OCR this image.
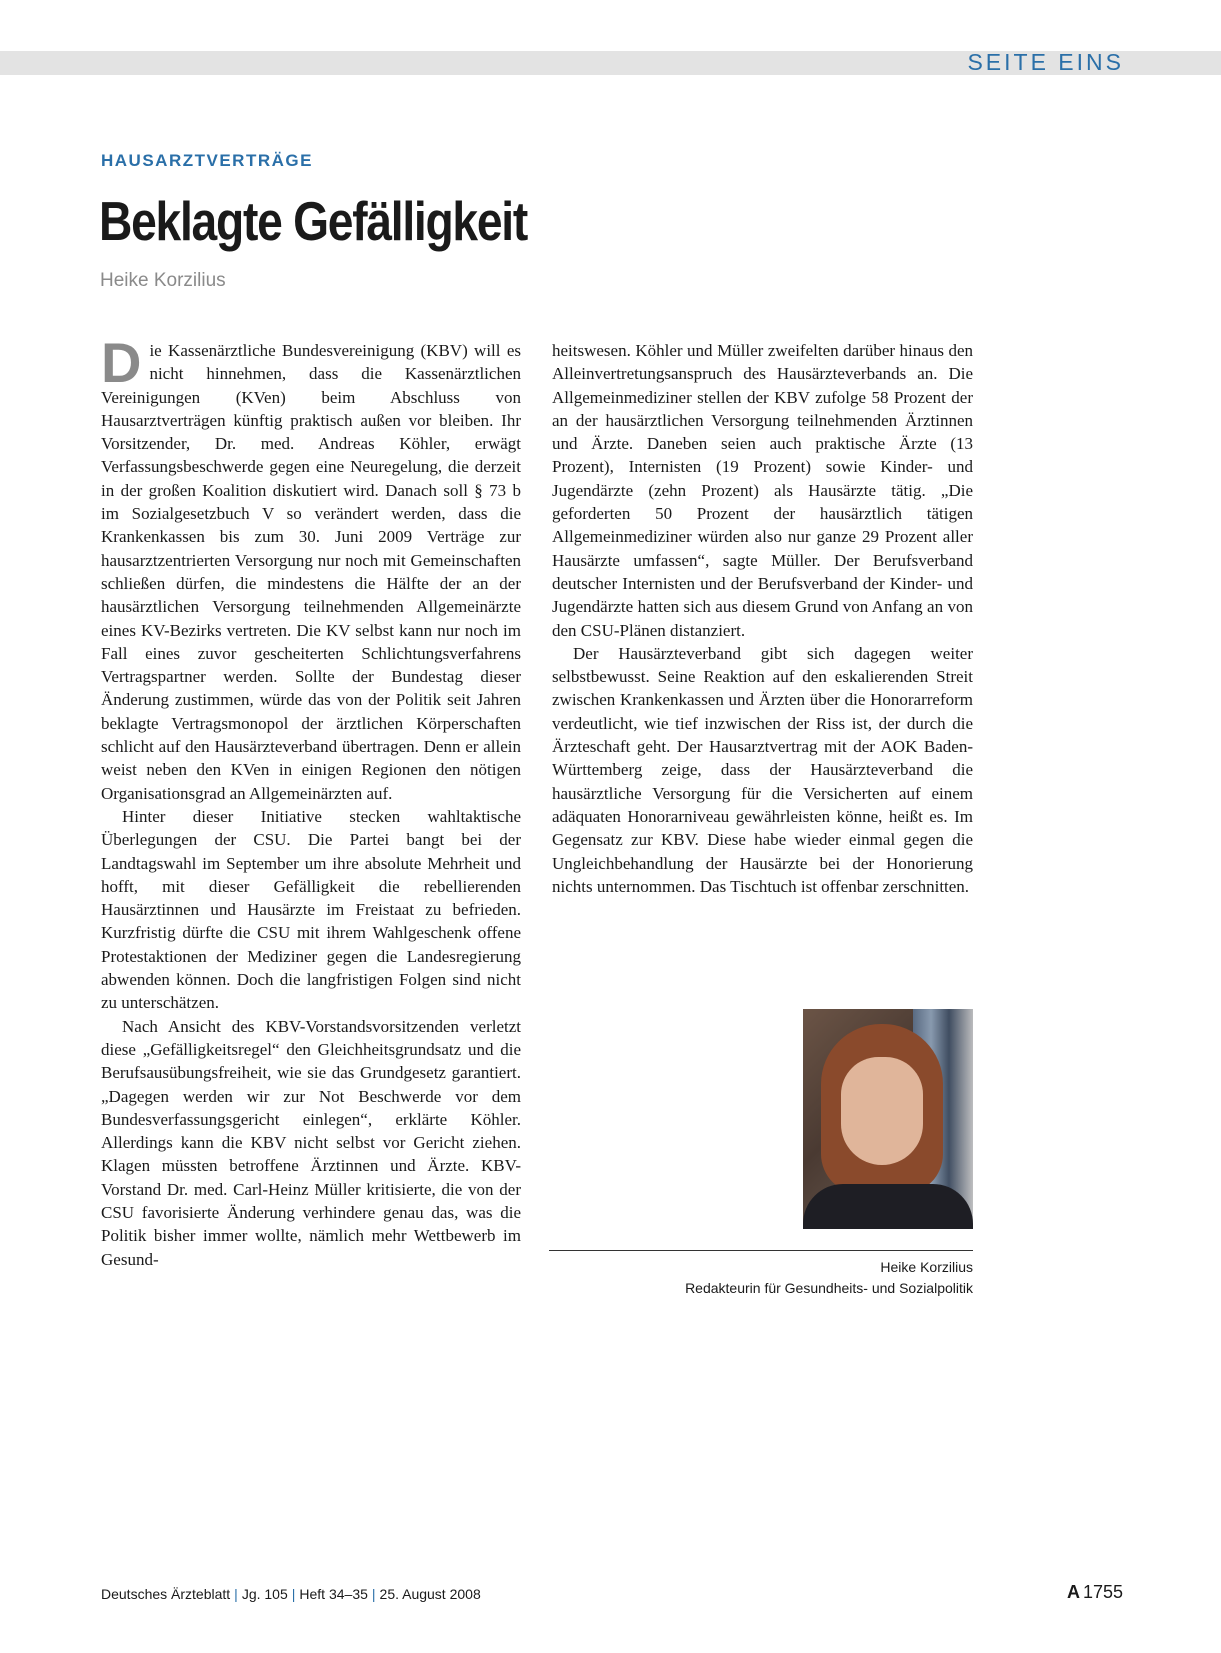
SEITE EINS
HAUSARZTVERTRÄGE
Beklagte Gefälligkeit
Heike Korzilius

Die Kassenärztliche Bundesvereinigung (KBV) will es nicht hinnehmen, dass die Kassenärztlichen Vereinigungen (KVen) beim Abschluss von Hausarztverträgen künftig praktisch außen vor bleiben. Ihr Vorsitzender, Dr. med. Andreas Köhler, erwägt Verfassungsbeschwerde gegen eine Neuregelung, die derzeit in der großen Koalition diskutiert wird. Danach soll § 73 b im Sozialgesetzbuch V so verändert werden, dass die Krankenkassen bis zum 30. Juni 2009 Verträge zur hausarztzentrierten Versorgung nur noch mit Gemeinschaften schließen dürfen, die mindestens die Hälfte der an der hausärztlichen Versorgung teilnehmenden Allgemeinärzte eines KV-Bezirks vertreten. Die KV selbst kann nur noch im Fall eines zuvor gescheiterten Schlichtungsverfahrens Vertragspartner werden. Sollte der Bundestag dieser Änderung zustimmen, würde das von der Politik seit Jahren beklagte Vertragsmonopol der ärztlichen Körperschaften schlicht auf den Hausärzteverband übertragen. Denn er allein weist neben den KVen in einigen Regionen den nötigen Organisationsgrad an Allgemeinärzten auf.

Hinter dieser Initiative stecken wahltaktische Überlegungen der CSU. Die Partei bangt bei der Landtagswahl im September um ihre absolute Mehrheit und hofft, mit dieser Gefälligkeit die rebellierenden Hausärztinnen und Hausärzte im Freistaat zu befrieden. Kurzfristig dürfte die CSU mit ihrem Wahlgeschenk offene Protestaktionen der Mediziner gegen die Landesregierung abwenden können. Doch die langfristigen Folgen sind nicht zu unterschätzen.

Nach Ansicht des KBV-Vorstandsvorsitzenden verletzt diese „Gefälligkeitsregel“ den Gleichheitsgrundsatz und die Berufsausübungsfreiheit, wie sie das Grundgesetz garantiert. „Dagegen werden wir zur Not Beschwerde vor dem Bundesverfassungsgericht einlegen“, erklärte Köhler. Allerdings kann die KBV nicht selbst vor Gericht ziehen. Klagen müssten betroffene Ärztinnen und Ärzte. KBV-Vorstand Dr. med. Carl-Heinz Müller kritisierte, die von der CSU favorisierte Änderung verhindere genau das, was die Politik bisher immer wollte, nämlich mehr Wettbewerb im Gesund-

heitswesen. Köhler und Müller zweifelten darüber hinaus den Alleinvertretungsanspruch des Hausärzteverbands an. Die Allgemeinmediziner stellen der KBV zufolge 58 Prozent der an der hausärztlichen Versorgung teilnehmenden Ärztinnen und Ärzte. Daneben seien auch praktische Ärzte (13 Prozent), Internisten (19 Prozent) sowie Kinder- und Jugendärzte (zehn Prozent) als Hausärzte tätig. „Die geforderten 50 Prozent der hausärztlich tätigen Allgemeinmediziner würden also nur ganze 29 Prozent aller Hausärzte umfassen“, sagte Müller. Der Berufsverband deutscher Internisten und der Berufsverband der Kinder- und Jugendärzte hatten sich aus diesem Grund von Anfang an von den CSU-Plänen distanziert.

Der Hausärzteverband gibt sich dagegen weiter selbstbewusst. Seine Reaktion auf den eskalierenden Streit zwischen Krankenkassen und Ärzten über die Honorarreform verdeutlicht, wie tief inzwischen der Riss ist, der durch die Ärzteschaft geht. Der Hausarztvertrag mit der AOK Baden-Württemberg zeige, dass der Hausärzteverband die hausärztliche Versorgung für die Versicherten auf einem adäquaten Honorarniveau gewährleisten könne, heißt es. Im Gegensatz zur KBV. Diese habe wieder einmal gegen die Ungleichbehandlung der Hausärzte bei der Honorierung nichts unternommen. Das Tischtuch ist offenbar zerschnitten.

Heike Korzilius
Redakteurin für Gesundheits- und Sozialpolitik
Deutsches Ärzteblatt | Jg. 105 | Heft 34–35 | 25. August 2008	A 1755
